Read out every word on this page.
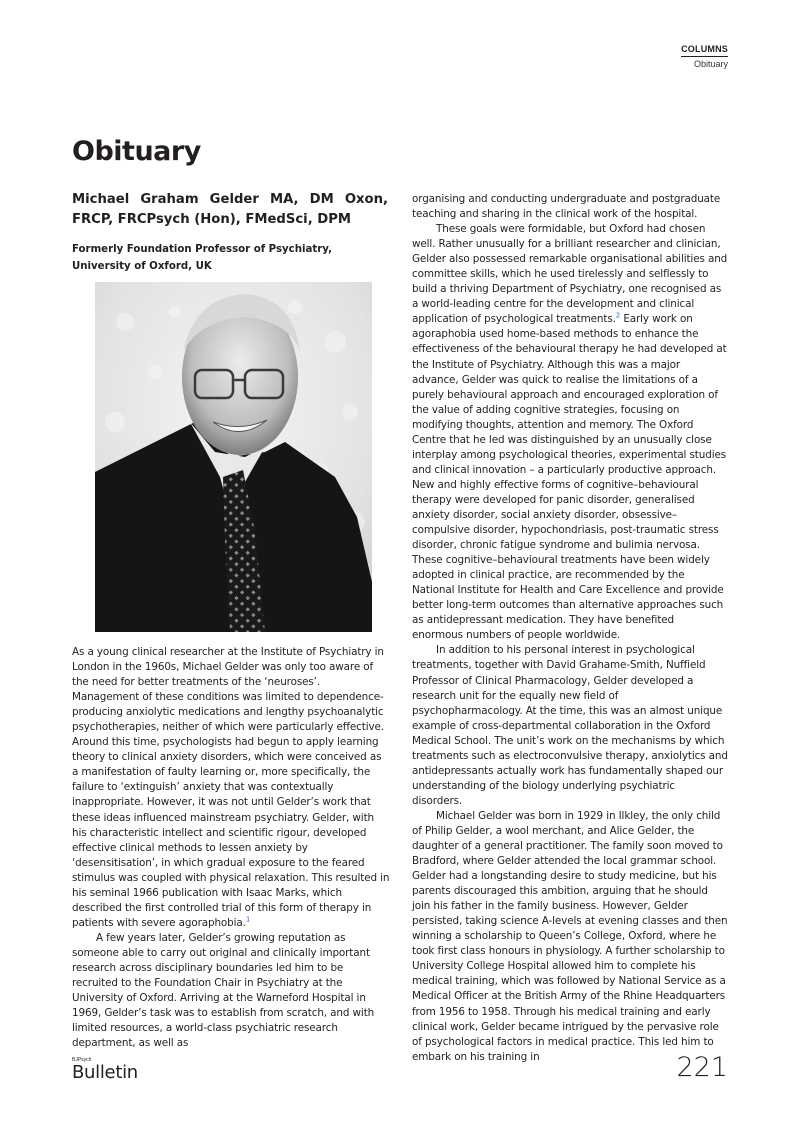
COLUMNS
Obituary
Obituary

Michael Graham Gelder MA, DM Oxon, FRCP, FRCPsych (Hon), FMedSci, DPM

Formerly Foundation Professor of Psychiatry, University of Oxford, UK

As a young clinical researcher at the Institute of Psychiatry in London in the 1960s, Michael Gelder was only too aware of the need for better treatments of the ‘neuroses’. Management of these conditions was limited to dependence-producing anxiolytic medications and lengthy psychoanalytic psychotherapies, neither of which were particularly effective. Around this time, psychologists had begun to apply learning theory to clinical anxiety disorders, which were conceived as a manifestation of faulty learning or, more specifically, the failure to ‘extinguish’ anxiety that was contextually inappropriate. However, it was not until Gelder’s work that these ideas influenced mainstream psychiatry. Gelder, with his characteristic intellect and scientific rigour, developed effective clinical methods to lessen anxiety by ‘desensitisation’, in which gradual exposure to the feared stimulus was coupled with physical relaxation. This resulted in his seminal 1966 publication with Isaac Marks, which described the first controlled trial of this form of therapy in patients with severe agoraphobia.$^1$

A few years later, Gelder’s growing reputation as someone able to carry out original and clinically important research across disciplinary boundaries led him to be recruited to the Foundation Chair in Psychiatry at the University of Oxford. Arriving at the Warneford Hospital in 1969, Gelder’s task was to establish from scratch, and with limited resources, a world-class psychiatric research department, as well as

organising and conducting undergraduate and postgraduate teaching and sharing in the clinical work of the hospital.

These goals were formidable, but Oxford had chosen well. Rather unusually for a brilliant researcher and clinician, Gelder also possessed remarkable organisational abilities and committee skills, which he used tirelessly and selflessly to build a thriving Department of Psychiatry, one recognised as a world-leading centre for the development and clinical application of psychological treatments.$^2$ Early work on agoraphobia used home-based methods to enhance the effectiveness of the behavioural therapy he had developed at the Institute of Psychiatry. Although this was a major advance, Gelder was quick to realise the limitations of a purely behavioural approach and encouraged exploration of the value of adding cognitive strategies, focusing on modifying thoughts, attention and memory. The Oxford Centre that he led was distinguished by an unusually close interplay among psychological theories, experimental studies and clinical innovation – a particularly productive approach. New and highly effective forms of cognitive–behavioural therapy were developed for panic disorder, generalised anxiety disorder, social anxiety disorder, obsessive–compulsive disorder, hypochondriasis, post-traumatic stress disorder, chronic fatigue syndrome and bulimia nervosa. These cognitive–behavioural treatments have been widely adopted in clinical practice, are recommended by the National Institute for Health and Care Excellence and provide better long-term outcomes than alternative approaches such as antidepressant medication. They have benefited enormous numbers of people worldwide.

In addition to his personal interest in psychological treatments, together with David Grahame-Smith, Nuffield Professor of Clinical Pharmacology, Gelder developed a research unit for the equally new field of psychopharmacology. At the time, this was an almost unique example of cross-departmental collaboration in the Oxford Medical School. The unit’s work on the mechanisms by which treatments such as electroconvulsive therapy, anxiolytics and antidepressants actually work has fundamentally shaped our understanding of the biology underlying psychiatric disorders.

Michael Gelder was born in 1929 in Ilkley, the only child of Philip Gelder, a wool merchant, and Alice Gelder, the daughter of a general practitioner. The family soon moved to Bradford, where Gelder attended the local grammar school. Gelder had a longstanding desire to study medicine, but his parents discouraged this ambition, arguing that he should join his father in the family business. However, Gelder persisted, taking science A-levels at evening classes and then winning a scholarship to Queen’s College, Oxford, where he took first class honours in physiology. A further scholarship to University College Hospital allowed him to complete his medical training, which was followed by National Service as a Medical Officer at the British Army of the Rhine Headquarters from 1956 to 1958. Through his medical training and early clinical work, Gelder became intrigued by the pervasive role of psychological factors in medical practice. This led him to embark on his training in

BJPsych
Bulletin	221
